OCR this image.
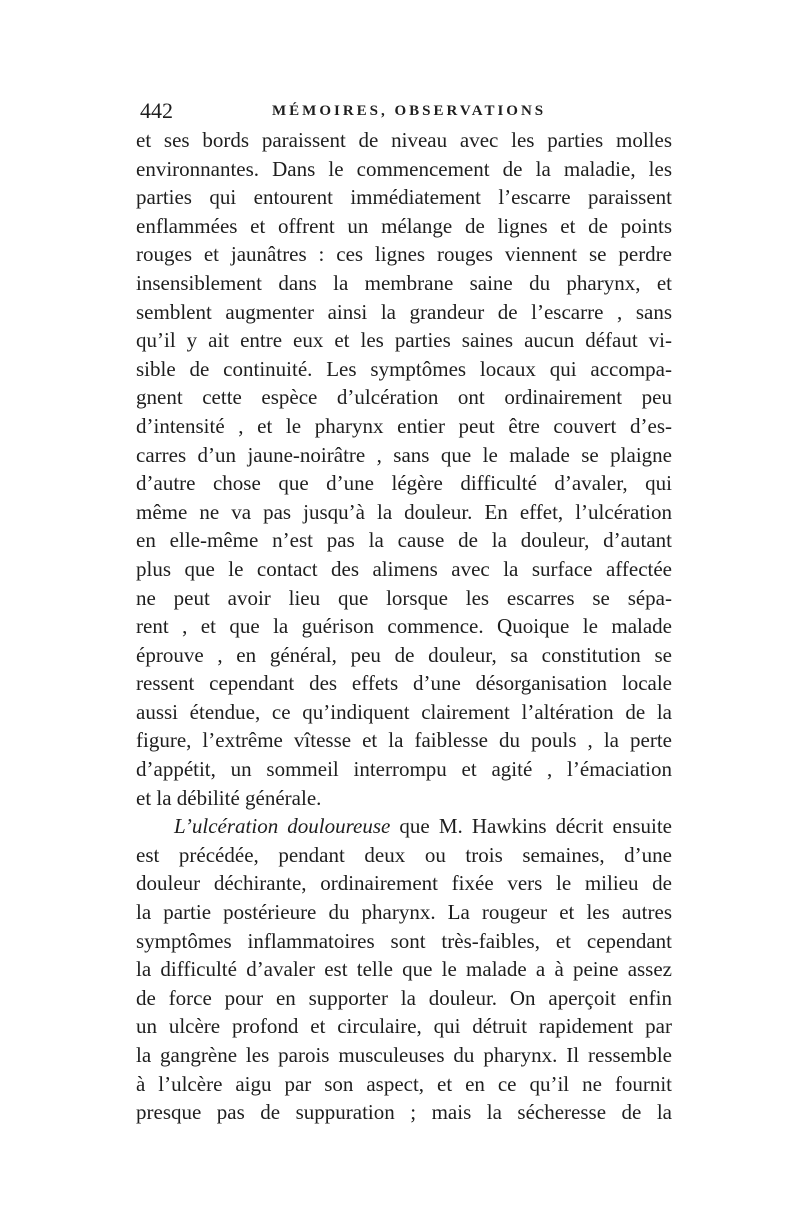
442	MÉMOIRES, OBSERVATIONS
et ses bords paraissent de niveau avec les parties molles
environnantes. Dans le commencement de la maladie, les
parties qui entourent immédiatement l’escarre paraissent
enflammées et offrent un mélange de lignes et de points
rouges et jaunâtres : ces lignes rouges viennent se perdre
insensiblement dans la membrane saine du pharynx, et
semblent augmenter ainsi la grandeur de l’escarre , sans
qu’il y ait entre eux et les parties saines aucun défaut vi-
sible de continuité. Les symptômes locaux qui accompa-
gnent cette espèce d’ulcération ont ordinairement peu
d’intensité , et le pharynx entier peut être couvert d’es-
carres d’un jaune-noirâtre , sans que le malade se plaigne
d’autre chose que d’une légère difficulté d’avaler, qui
même ne va pas jusqu’à la douleur. En effet, l’ulcération
en elle-même n’est pas la cause de la douleur, d’autant
plus que le contact des alimens avec la surface affectée
ne peut avoir lieu que lorsque les escarres se sépa-
rent , et que la guérison commence. Quoique le malade
éprouve , en général, peu de douleur, sa constitution se
ressent cependant des effets d’une désorganisation locale
aussi étendue, ce qu’indiquent clairement l’altération de la
figure, l’extrême vîtesse et la faiblesse du pouls , la perte
d’appétit, un sommeil interrompu et agité , l’émaciation
et la débilité générale.
L’ulcération douloureuse que M. Hawkins décrit ensuite
est précédée, pendant deux ou trois semaines, d’une
douleur déchirante, ordinairement fixée vers le milieu de
la partie postérieure du pharynx. La rougeur et les autres
symptômes inflammatoires sont très-faibles, et cependant
la difficulté d’avaler est telle que le malade a à peine assez
de force pour en supporter la douleur. On aperçoit enfin
un ulcère profond et circulaire, qui détruit rapidement par
la gangrène les parois musculeuses du pharynx. Il ressemble
à l’ulcère aigu par son aspect, et en ce qu’il ne fournit
presque pas de suppuration ; mais la sécheresse de la
